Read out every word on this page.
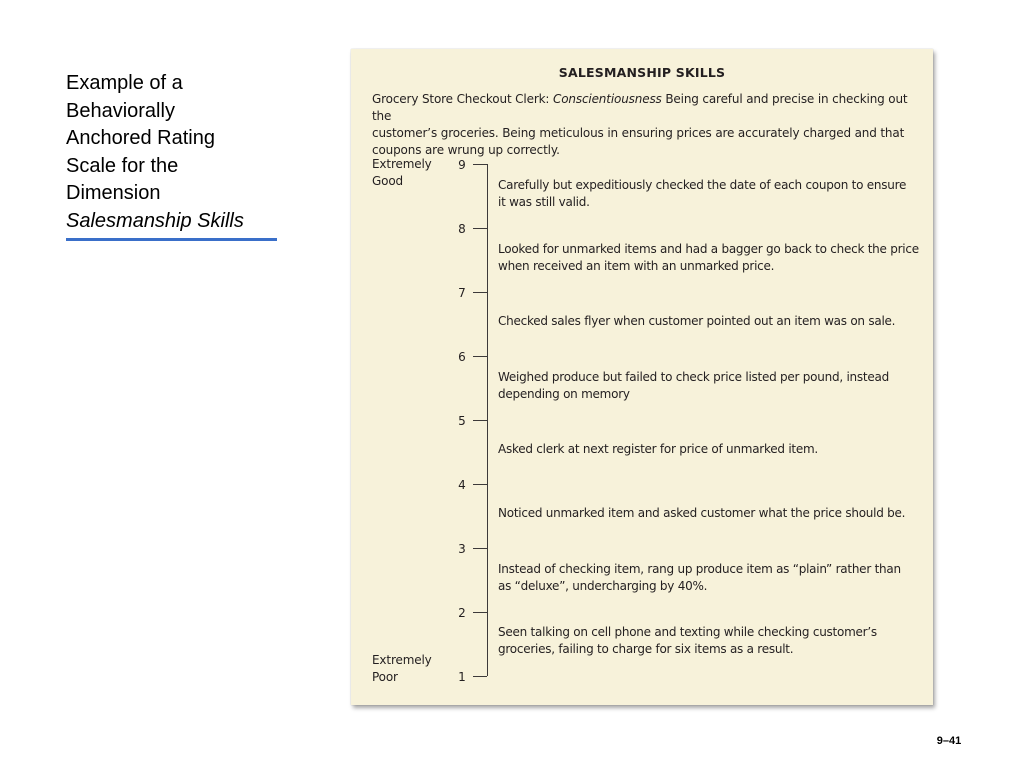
Example of a
Behaviorally
Anchored Rating
Scale for the
Dimension
Salesmanship Skills
SALESMANSHIP SKILLS
Grocery Store Checkout Clerk: Conscientiousness Being careful and precise in checking out the
customer’s groceries. Being meticulous in ensuring prices are accurately charged and that
coupons are wrung up correctly.
Extremely
Good
Extremely
Poor
9
8
7
6
5
4
3
2
1
Carefully but expeditiously checked the date of each coupon to ensure
it was still valid.
Looked for unmarked items and had a bagger go back to check the price
when received an item with an unmarked price.
Checked sales flyer when customer pointed out an item was on sale.
Weighed produce but failed to check price listed per pound, instead
depending on memory
Asked clerk at next register for price of unmarked item.
Noticed unmarked item and asked customer what the price should be.
Instead of checking item, rang up produce item as “plain” rather than
as “deluxe”, undercharging by 40%.
Seen talking on cell phone and texting while checking customer’s
groceries, failing to charge for six items as a result.
9–41
